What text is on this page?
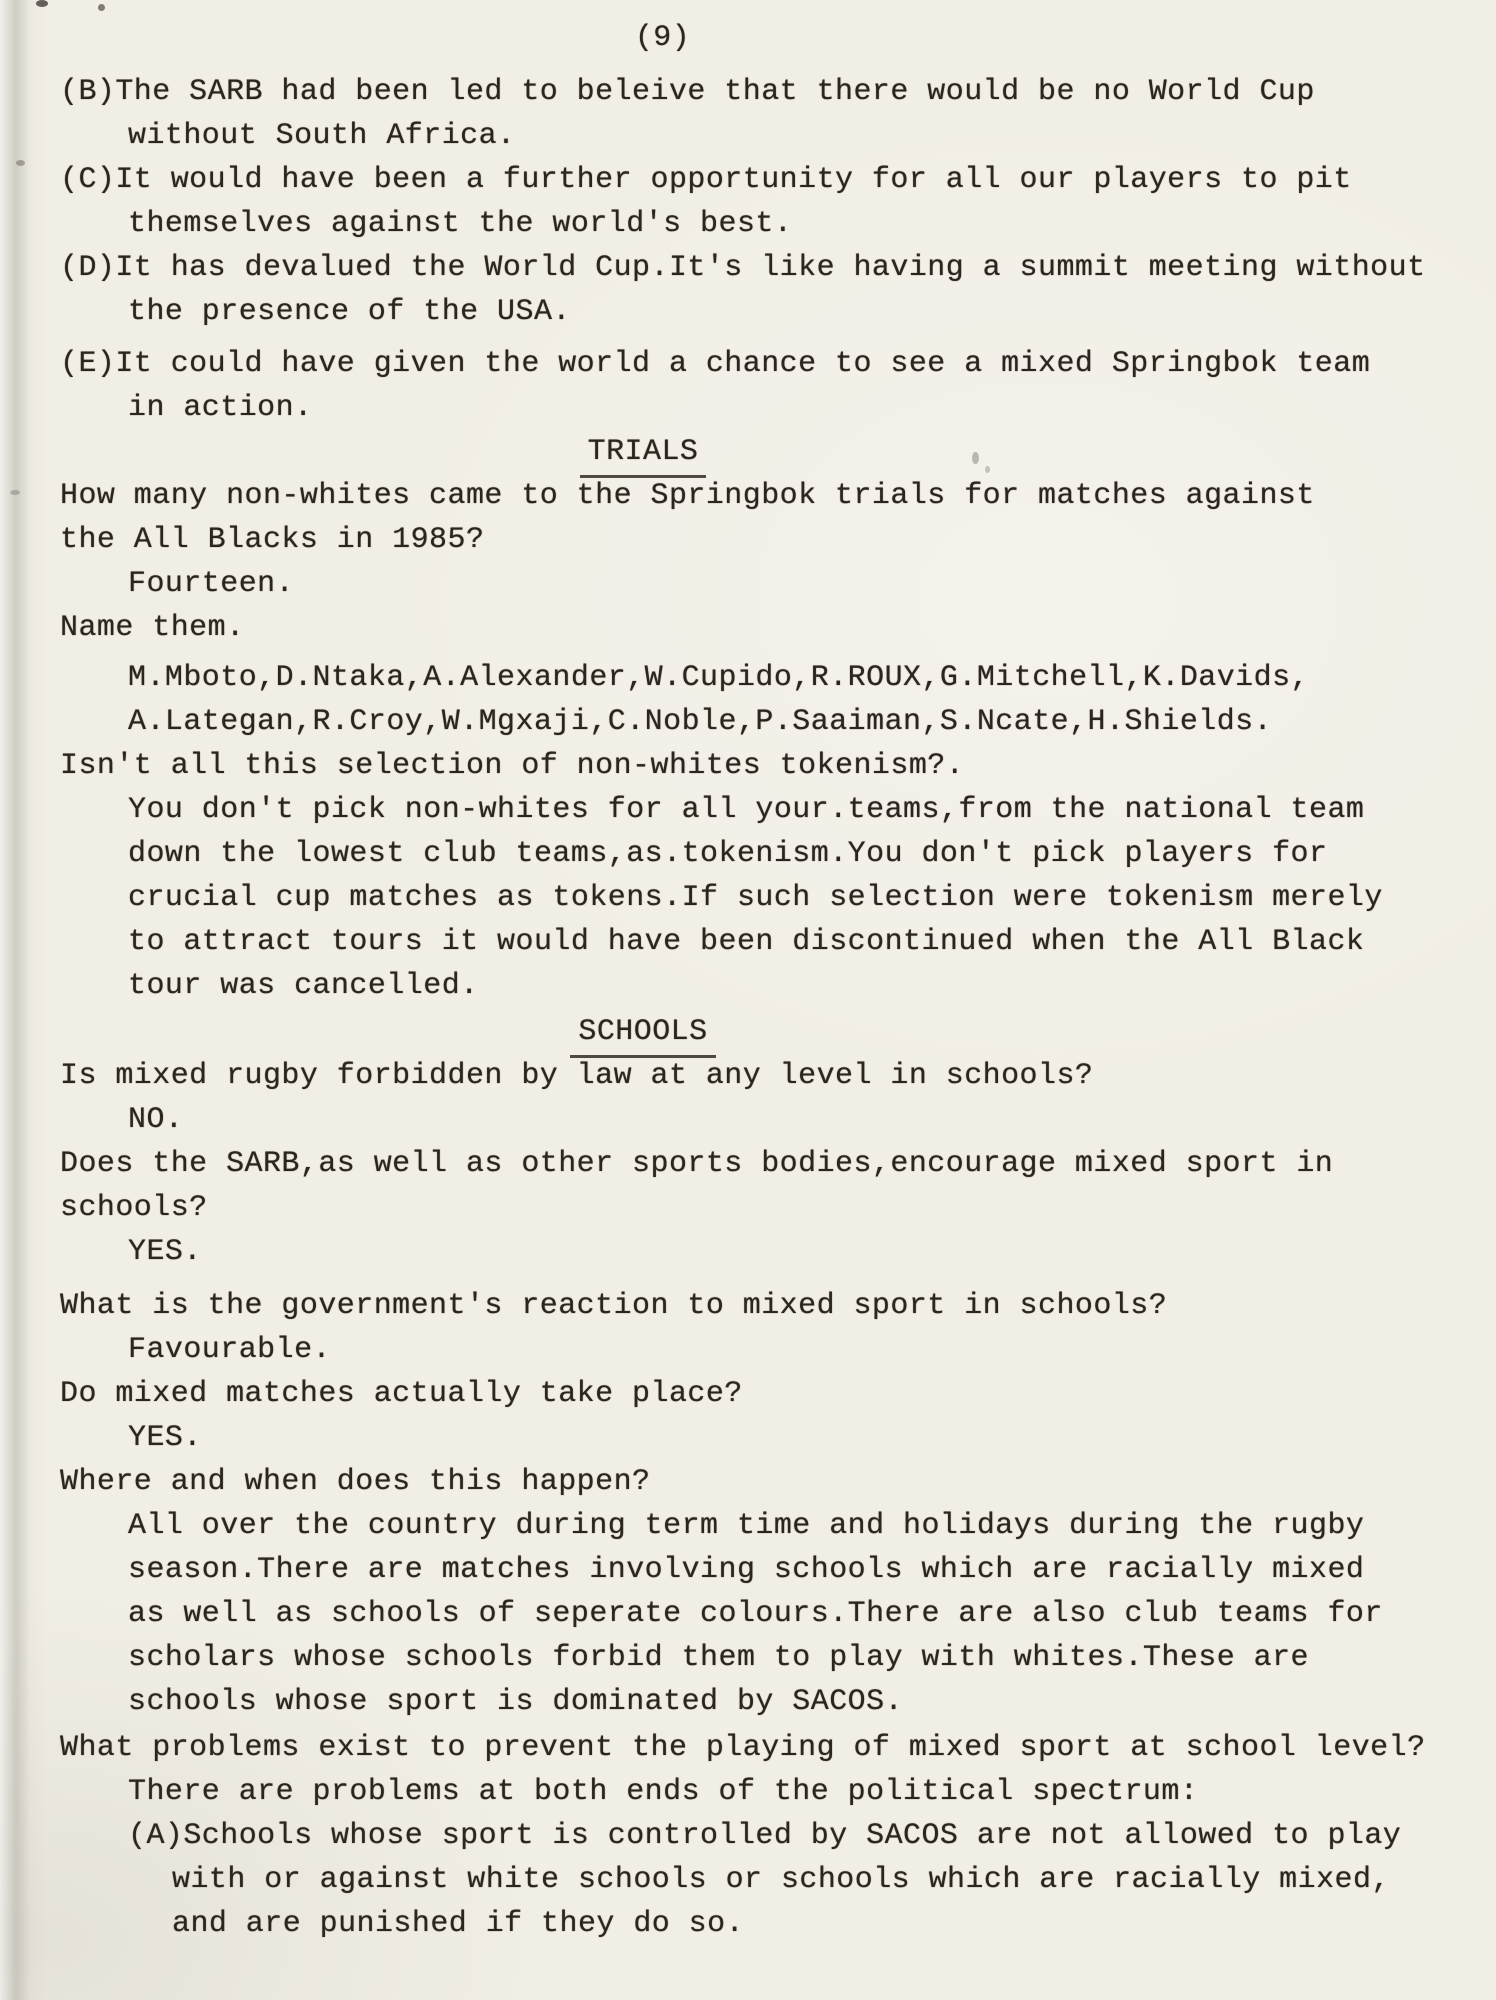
(9)
(B)The SARB had been led to beleive that there would be no World Cup
without South Africa.
(C)It would have been a further opportunity for all our players to pit
themselves against the world's best.
(D)It has devalued the World Cup.It's like having a summit meeting without
the presence of the USA.
(E)It could have given the world a chance to see a mixed Springbok team
in action.
TRIALS
How many non-whites came to the Springbok trials for matches against
the All Blacks in 1985?
Fourteen.
Name them.
M.Mboto,D.Ntaka,A.Alexander,W.Cupido,R.ROUX,G.Mitchell,K.Davids,
A.Lategan,R.Croy,W.Mgxaji,C.Noble,P.Saaiman,S.Ncate,H.Shields.
Isn't all this selection of non-whites tokenism?.
You don't pick non-whites for all your.teams,from the national team
down the lowest club teams,as.tokenism.You don't pick players for
crucial cup matches as tokens.If such selection were tokenism merely
to attract tours it would have been discontinued when the All Black
tour was cancelled.
SCHOOLS
Is mixed rugby forbidden by law at any level in schools?
NO.
Does the SARB,as well as other sports bodies,encourage mixed sport in
schools?
YES.
What is the government's reaction to mixed sport in schools?
Favourable.
Do mixed matches actually take place?
YES.
Where and when does this happen?
All over the country during term time and holidays during the rugby
season.There are matches involving schools which are racially mixed
as well as schools of seperate colours.There are also club teams for
scholars whose schools forbid them to play with whites.These are
schools whose sport is dominated by SACOS.
What problems exist to prevent the playing of mixed sport at school level?
There are problems at both ends of the political spectrum:
(A)Schools whose sport is controlled by SACOS are not allowed to play
with or against white schools or schools which are racially mixed,
and are punished if they do so.
